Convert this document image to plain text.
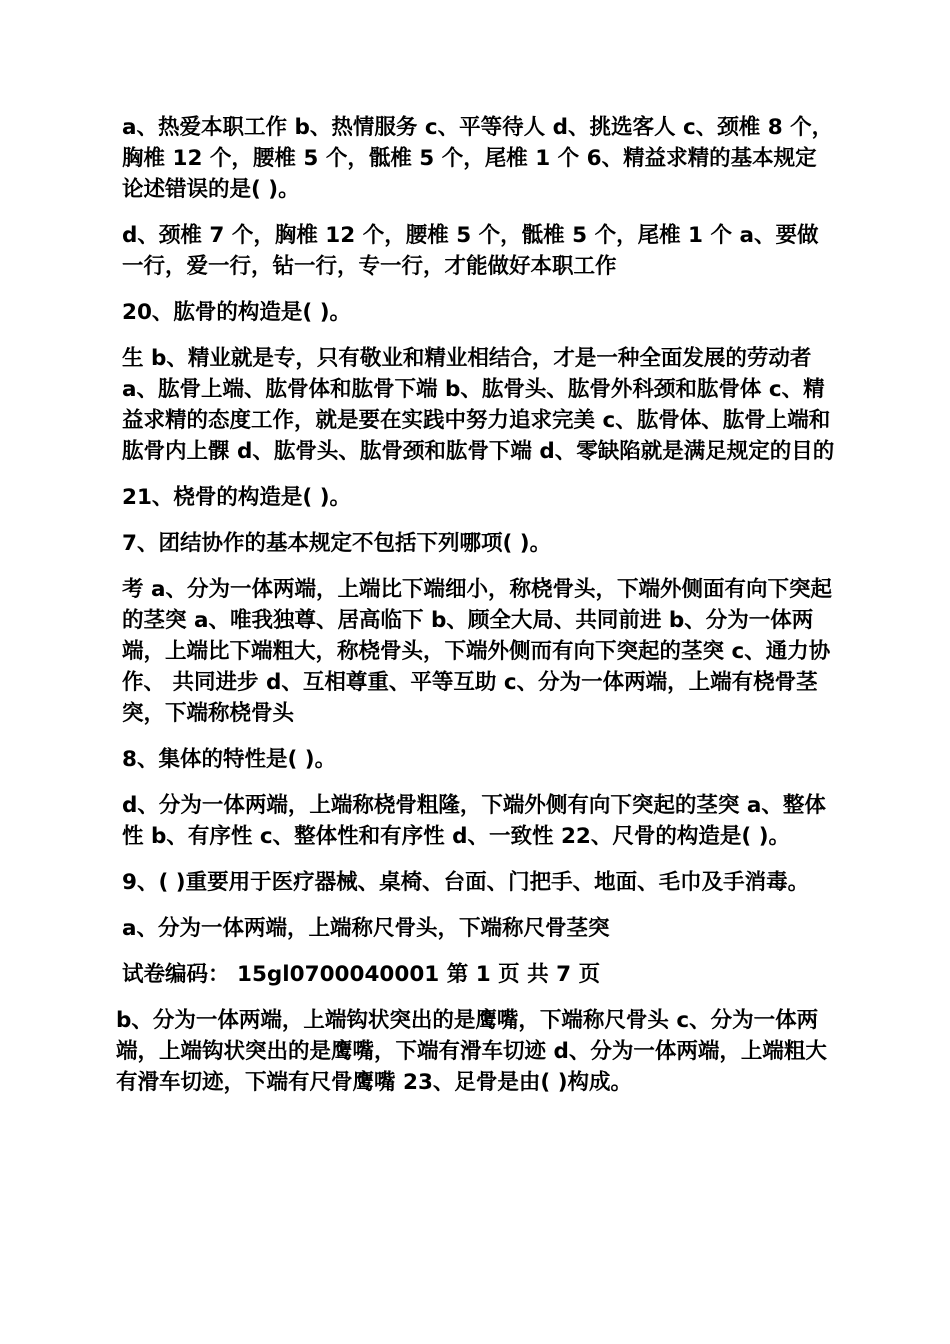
a、热爱本职工作 b、热情服务 c、平等待人 d、挑选客人 c、颈椎 8 个，胸椎 12 个，腰椎 5 个，骶椎 5 个，尾椎 1 个 6、精益求精的基本规定论述错误的是( )。

d、颈椎 7 个，胸椎 12 个，腰椎 5 个，骶椎 5 个，尾椎 1 个 a、要做一行，爱一行，钻一行，专一行，才能做好本职工作

20、肱骨的构造是( )。

生 b、精业就是专，只有敬业和精业相结合，才是一种全面发展的劳动者 a、肱骨上端、肱骨体和肱骨下端 b、肱骨头、肱骨外科颈和肱骨体 c、精益求精的态度工作，就是要在实践中努力追求完美 c、肱骨体、肱骨上端和肱骨内上髁 d、肱骨头、肱骨颈和肱骨下端 d、零缺陷就是满足规定的目的

21、桡骨的构造是( )。

7、团结协作的基本规定不包括下列哪项( )。

考 a、分为一体两端，上端比下端细小，称桡骨头，下端外侧面有向下突起的茎突 a、唯我独尊、居高临下 b、顾全大局、共同前进 b、分为一体两端，上端比下端粗大，称桡骨头，下端外侧而有向下突起的茎突 c、通力协作、 共同进步 d、互相尊重、平等互助 c、分为一体两端，上端有桡骨茎突，下端称桡骨头

8、集体的特性是( )。

d、分为一体两端，上端称桡骨粗隆，下端外侧有向下突起的茎突 a、整体性 b、有序性 c、整体性和有序性 d、一致性 22、尺骨的构造是( )。

9、( )重要用于医疗器械、桌椅、台面、门把手、地面、毛巾及手消毒。

a、分为一体两端，上端称尺骨头，下端称尺骨茎突

试卷编码： 15gl0700040001 第 1 页 共 7 页

b、分为一体两端，上端钩状突出的是鹰嘴，下端称尺骨头 c、分为一体两端，上端钩状突出的是鹰嘴，下端有滑车切迹 d、分为一体两端，上端粗大有滑车切迹，下端有尺骨鹰嘴 23、足骨是由( )构成。
